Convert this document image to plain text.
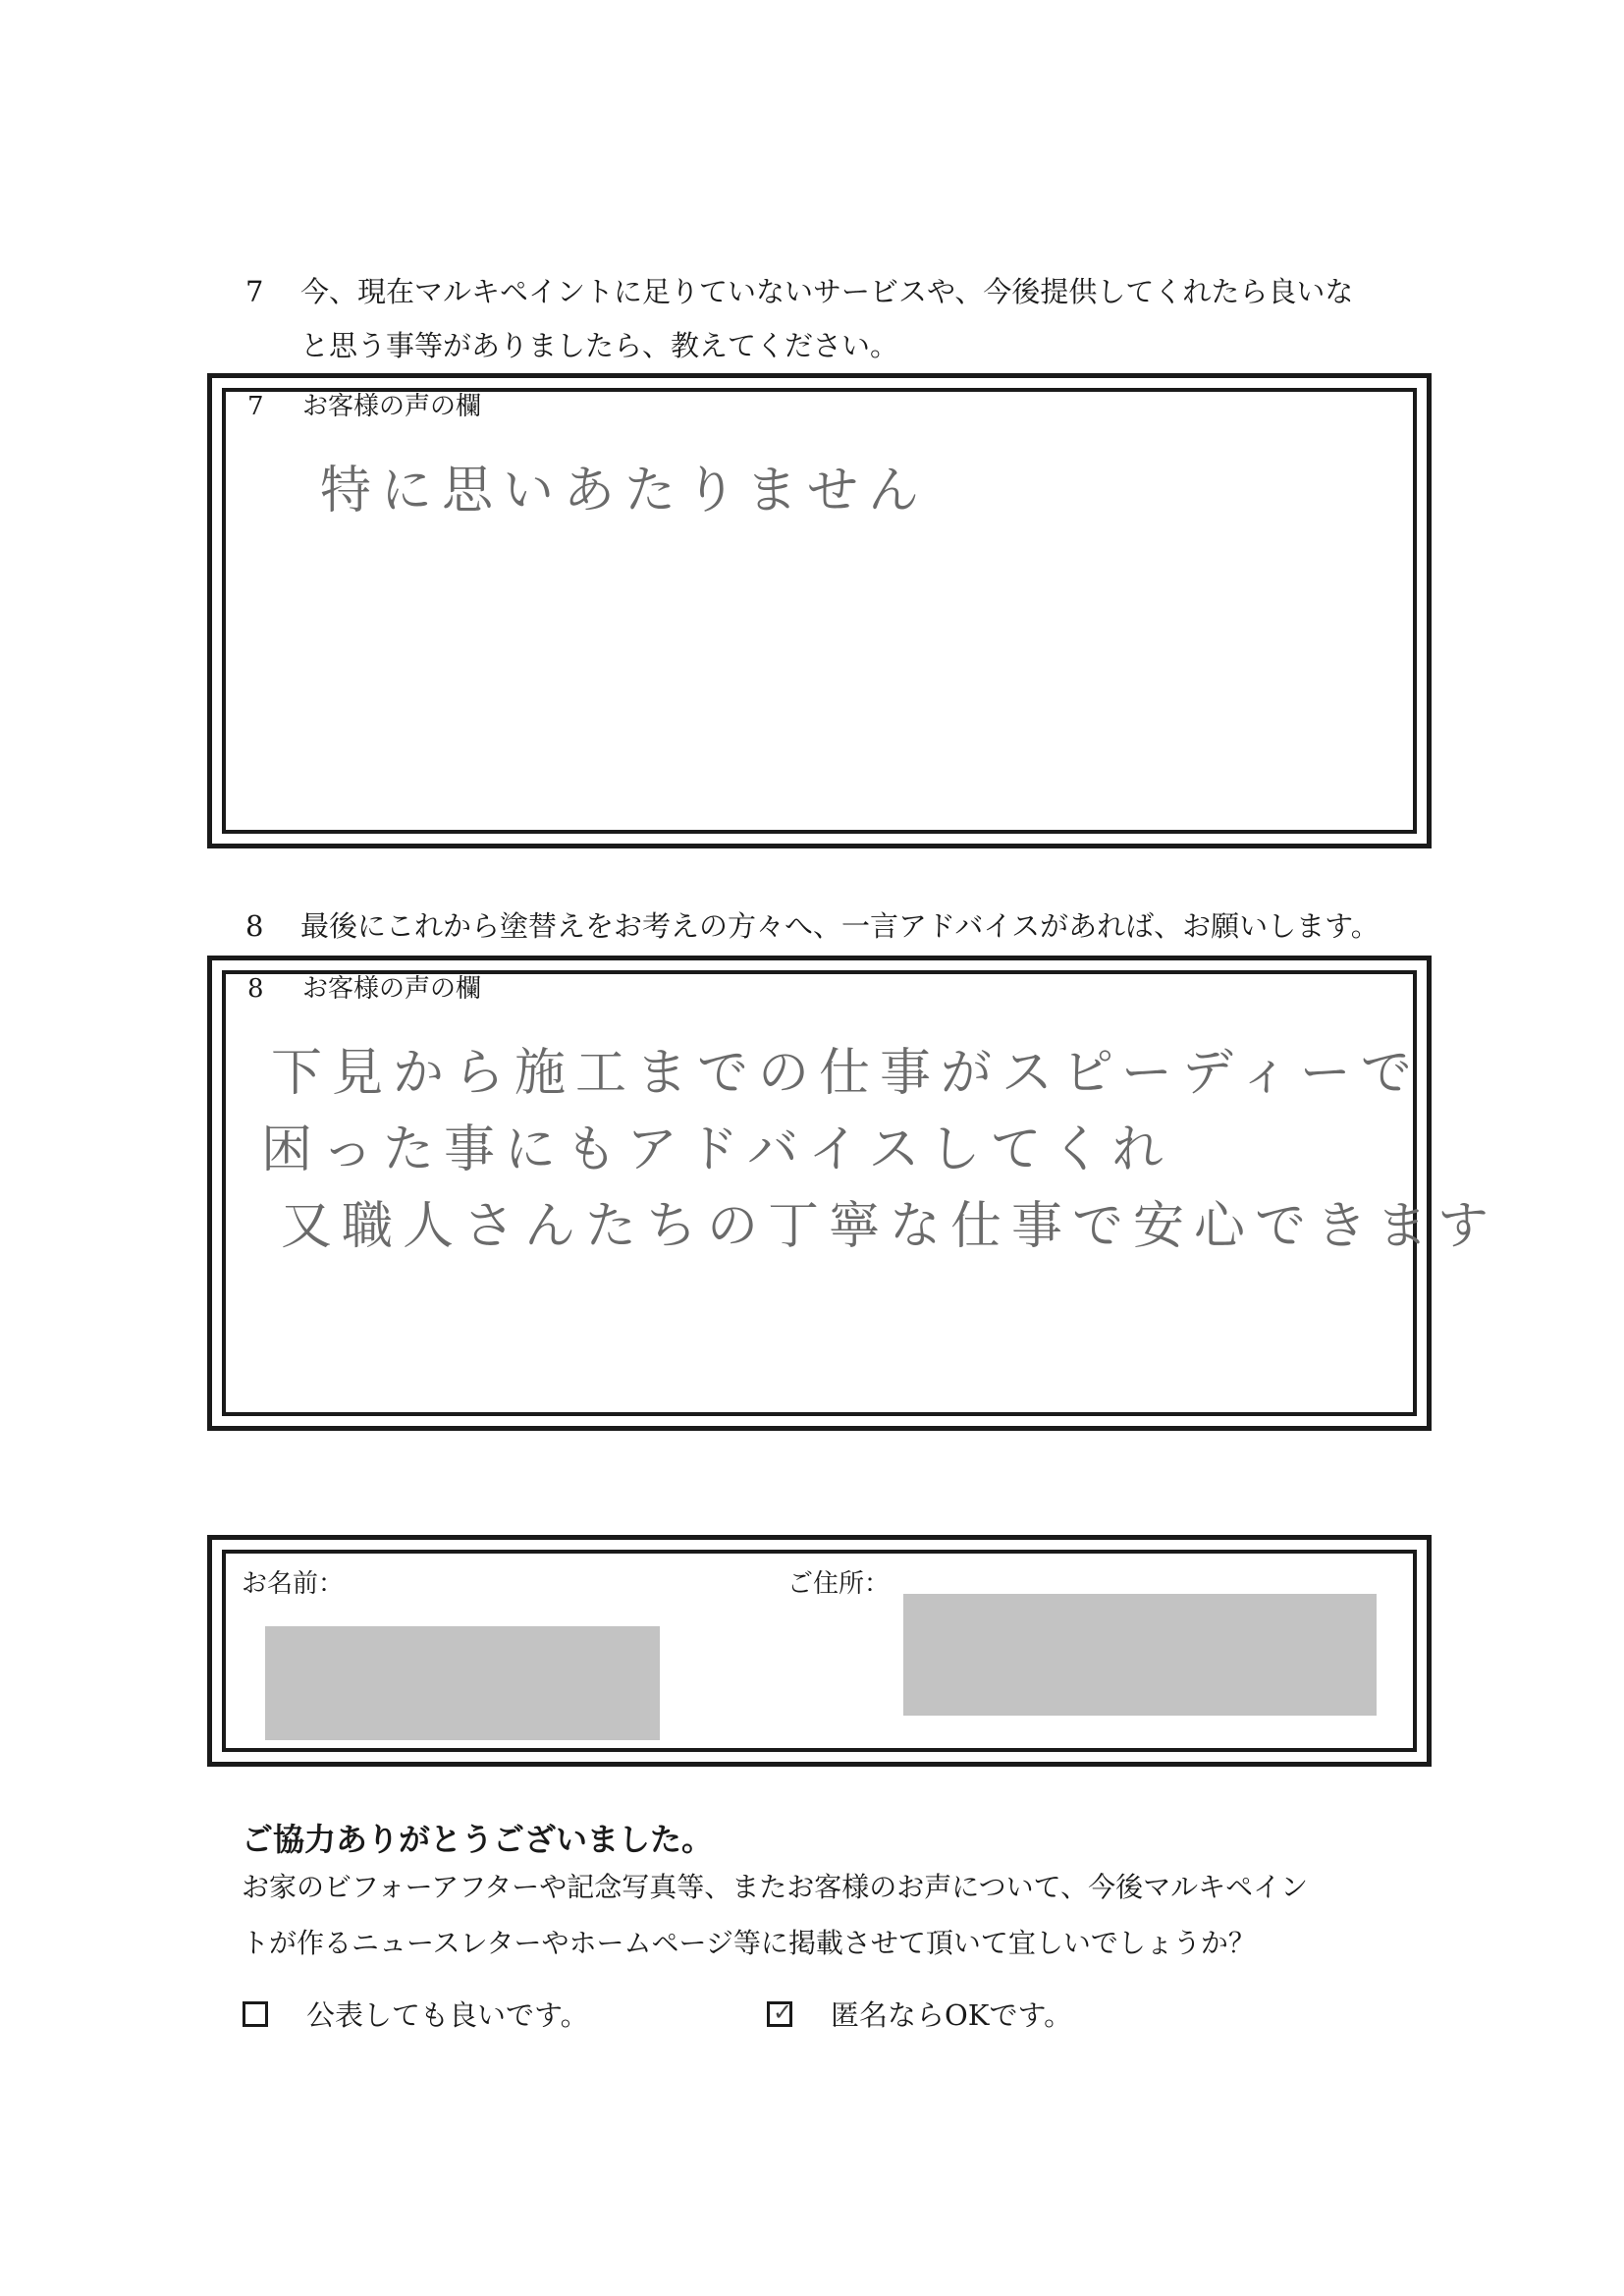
7	今、現在マルキペイントに足りていないサービスや、今後提供してくれたら良いな
と思う事等がありましたら、教えてください。
7 お客様の声の欄
特に思いあたりません
8	最後にこれから塗替えをお考えの方々へ、一言アドバイスがあれば、お願いします。
8 お客様の声の欄
下見から施工までの仕事がスピーディーで
困った事にもアドバイスしてくれ
又職人さんたちの丁寧な仕事で安心できます
お名前：	ご住所：
ご協力ありがとうございました。
お家のビフォーアフターや記念写真等、またお客様のお声について、今後マルキペイン
トが作るニュースレターやホームページ等に掲載させて頂いて宜しいでしょうか？
公表しても良いです。	✓ 匿名ならOKです。
